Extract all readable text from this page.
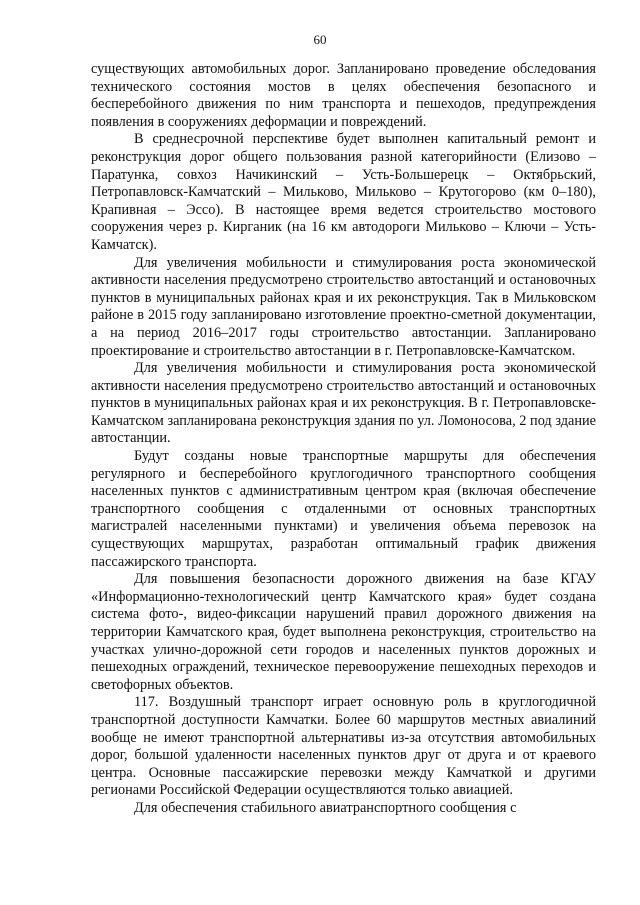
60

существующих автомобильных дорог. Запланировано проведение обследования технического состояния мостов в целях обеспечения безопасного и бесперебойного движения по ним транспорта и пешеходов, предупреждения появления в сооружениях деформации и повреждений.

В среднесрочной перспективе будет выполнен капитальный ремонт и реконструкция дорог общего пользования разной категорийности (Елизово – Паратунка, совхоз Начикинский – Усть-Большерецк – Октябрьский, Петропавловск-Камчатский – Мильково, Мильково – Крутогорово (км 0–180), Крапивная – Эссо). В настоящее время ведется строительство мостового сооружения через р. Кирганик (на 16 км автодороги Мильково – Ключи – Усть-Камчатск).

Для увеличения мобильности и стимулирования роста экономической активности населения предусмотрено строительство автостанций и остановочных пунктов в муниципальных районах края и их реконструкция. Так в Мильковском районе в 2015 году запланировано изготовление проектно-сметной документации, а на период 2016–2017 годы строительство автостанции. Запланировано проектирование и строительство автостанции в г. Петропавловске-Камчатском.

Для увеличения мобильности и стимулирования роста экономической активности населения предусмотрено строительство автостанций и остановочных пунктов в муниципальных районах края и их реконструкция. В г. Петропавловске-Камчатском запланирована реконструкция здания по ул. Ломоносова, 2 под здание автостанции.

Будут созданы новые транспортные маршруты для обеспечения регулярного и бесперебойного круглогодичного транспортного сообщения населенных пунктов с административным центром края (включая обеспечение транспортного сообщения с отдаленными от основных транспортных магистралей населенными пунктами) и увеличения объема перевозок на существующих маршрутах, разработан оптимальный график движения пассажирского транспорта.

Для повышения безопасности дорожного движения на базе КГАУ «Информационно-технологический центр Камчатского края» будет создана система фото-, видео-фиксации нарушений правил дорожного движения на территории Камчатского края, будет выполнена реконструкция, строительство на участках улично-дорожной сети городов и населенных пунктов дорожных и пешеходных ограждений, техническое перевооружение пешеходных переходов и светофорных объектов.

117. Воздушный транспорт играет основную роль в круглогодичной транспортной доступности Камчатки. Более 60 маршрутов местных авиалиний вообще не имеют транспортной альтернативы из-за отсутствия автомобильных дорог, большой удаленности населенных пунктов друг от друга и от краевого центра. Основные пассажирские перевозки между Камчаткой и другими регионами Российской Федерации осуществляются только авиацией.

Для обеспечения стабильного авиатранспортного сообщения с
